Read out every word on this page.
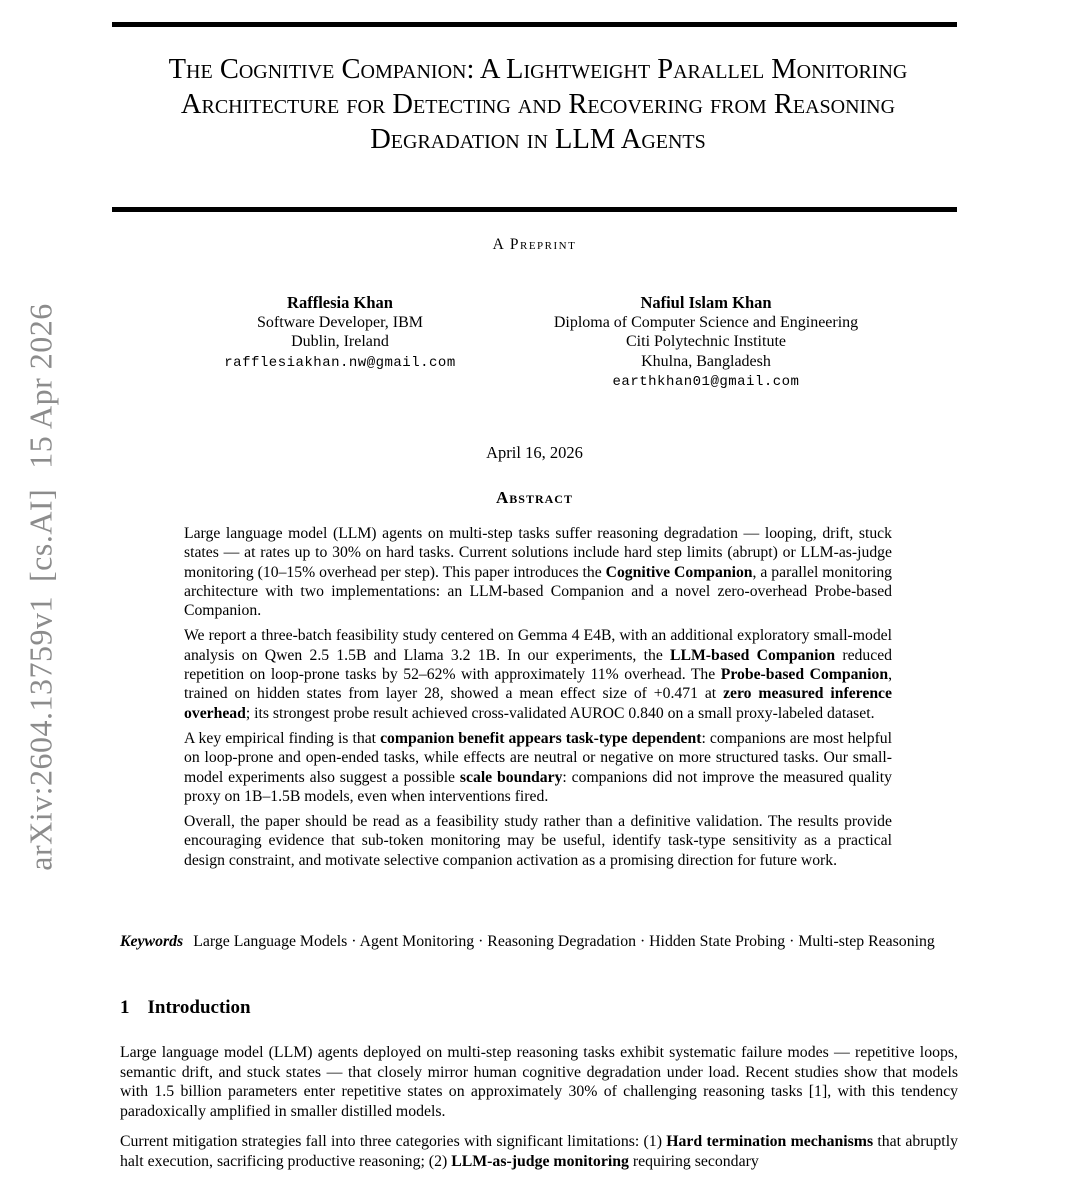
arXiv:2604.13759v1[cs.AI]15 Apr 2026
The Cognitive Companion: A Lightweight Parallel Monitoring Architecture for Detecting and Recovering from Reasoning Degradation in LLM Agents
A Preprint
Rafflesia Khan
Software Developer, IBM
Dublin, Ireland
rafflesiakhan.nw@gmail.com
Nafiul Islam Khan
Diploma of Computer Science and Engineering
Citi Polytechnic Institute
Khulna, Bangladesh
earthkhan01@gmail.com
April 16, 2026
Abstract

Large language model (LLM) agents on multi-step tasks suffer reasoning degradation — looping, drift, stuck states — at rates up to 30% on hard tasks. Current solutions include hard step limits (abrupt) or LLM-as-judge monitoring (10–15% overhead per step). This paper introduces the Cognitive Companion, a parallel monitoring architecture with two implementations: an LLM-based Companion and a novel zero-overhead Probe-based Companion.

We report a three-batch feasibility study centered on Gemma 4 E4B, with an additional exploratory small-model analysis on Qwen 2.5 1.5B and Llama 3.2 1B. In our experiments, the LLM-based Companion reduced repetition on loop-prone tasks by 52–62% with approximately 11% overhead. The Probe-based Companion, trained on hidden states from layer 28, showed a mean effect size of +0.471 at zero measured inference overhead; its strongest probe result achieved cross-validated AUROC 0.840 on a small proxy-labeled dataset.

A key empirical finding is that companion benefit appears task-type dependent: companions are most helpful on loop-prone and open-ended tasks, while effects are neutral or negative on more structured tasks. Our small-model experiments also suggest a possible scale boundary: companions did not improve the measured quality proxy on 1B–1.5B models, even when interventions fired.

Overall, the paper should be read as a feasibility study rather than a definitive validation. The results provide encouraging evidence that sub-token monitoring may be useful, identify task-type sensitivity as a practical design constraint, and motivate selective companion activation as a promising direction for future work.

Keywords Large Language Models · Agent Monitoring · Reasoning Degradation · Hidden State Probing · Multi-step Reasoning
1 Introduction

Large language model (LLM) agents deployed on multi-step reasoning tasks exhibit systematic failure modes — repetitive loops, semantic drift, and stuck states — that closely mirror human cognitive degradation under load. Recent studies show that models with 1.5 billion parameters enter repetitive states on approximately 30% of challenging reasoning tasks [1], with this tendency paradoxically amplified in smaller distilled models.

Current mitigation strategies fall into three categories with significant limitations: (1) Hard termination mechanisms that abruptly halt execution, sacrificing productive reasoning; (2) LLM-as-judge monitoring requiring secondary
